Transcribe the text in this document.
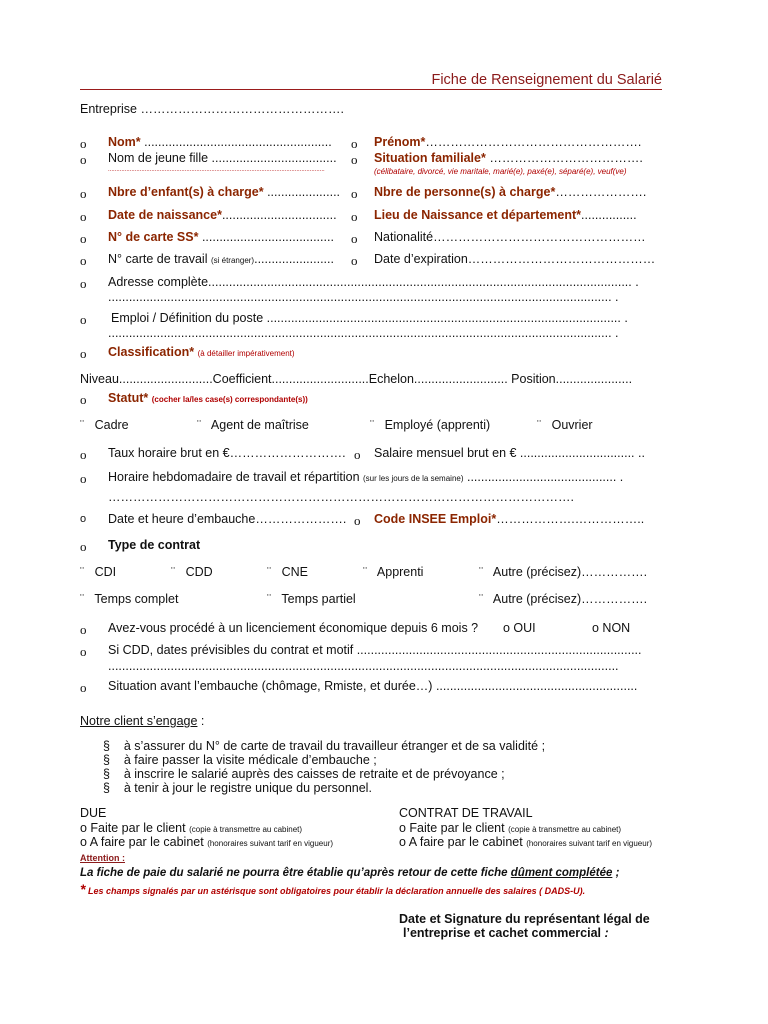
Fiche de Renseignement du Salarié
Entreprise ………………………………………….
o Nom* ...................................................... o Prénom*…………………………………………….
o Nom de jeune fille .................................... o Situation familiale* ……………………………….
..................................................................................................................................	(célibataire, divorcé, vie maritale, marié(e), paxé(e), séparé(e), veuf(ve)
o Nbre d’enfant(s) à charge* ..................... o Nbre de personne(s) à charge*………………….
o Date de naissance*................................. o Lieu de Naissance et département*................
o N° de carte SS* ...................................... o Nationalité……………………………………………
o N° carte de travail (si étranger)....................... o Date d’expiration………………………………………
o Adresse complète.......................................................................................................................... .
................................................................................................................................................. .
o Emploi / Définition du poste ...................................................................................................... .
................................................................................................................................................. .
o Classification* (à détailler impérativement)
Niveau...........................Coefficient............................Echelon........................... Position......................
o Statut* (cocher la/les case(s) correspondante(s))
¨ Cadre	¨ Agent de maîtrise	¨ Employé (apprenti)	¨ Ouvrier
o Taux horaire brut en €………………………. o Salaire mensuel brut en € ................................. ..
o Horaire hebdomadaire de travail et répartition (sur les jours de la semaine) ........................................... .
………………………………………………………………………………………………….
o Date et heure d’embauche…………………. o Code INSEE Emploi*……………….……………..
o Type de contrat
¨ CDI	¨ CDD	¨ CNE	¨ Apprenti	¨ Autre (précisez)…………….
¨ Temps complet	¨ Temps partiel	¨ Autre (précisez)…………….
o Avez-vous procédé à un licenciement économique depuis 6 mois ? o OUI	o NON
o Si CDD, dates prévisibles du contrat et motif ..................................................................................
...................................................................................................................................................
o Situation avant l’embauche (chômage, Rmiste, et durée…) ..........................................................
Notre client s’engage :
§ à s’assurer du N° de carte de travail du travailleur étranger et de sa validité ;
§ à faire passer la visite médicale d’embauche ;
§ à inscrire le salarié auprès des caisses de retraite et de prévoyance ;
§ à tenir à jour le registre unique du personnel.
DUE
o Faite par le client (copie à transmettre au cabinet)
o A faire par le cabinet (honoraires suivant tarif en vigueur)
CONTRAT DE TRAVAIL
o Faite par le client (copie à transmettre au cabinet)
o A faire par le cabinet (honoraires suivant tarif en vigueur)
Attention :
La fiche de paie du salarié ne pourra être établie qu’après retour de cette fiche dûment complétée ;
* Les champs signalés par un astérisque sont obligatoires pour établir la déclaration annuelle des salaires ( DADS-U).
Date et Signature du représentant légal de
l’entreprise et cachet commercial :
